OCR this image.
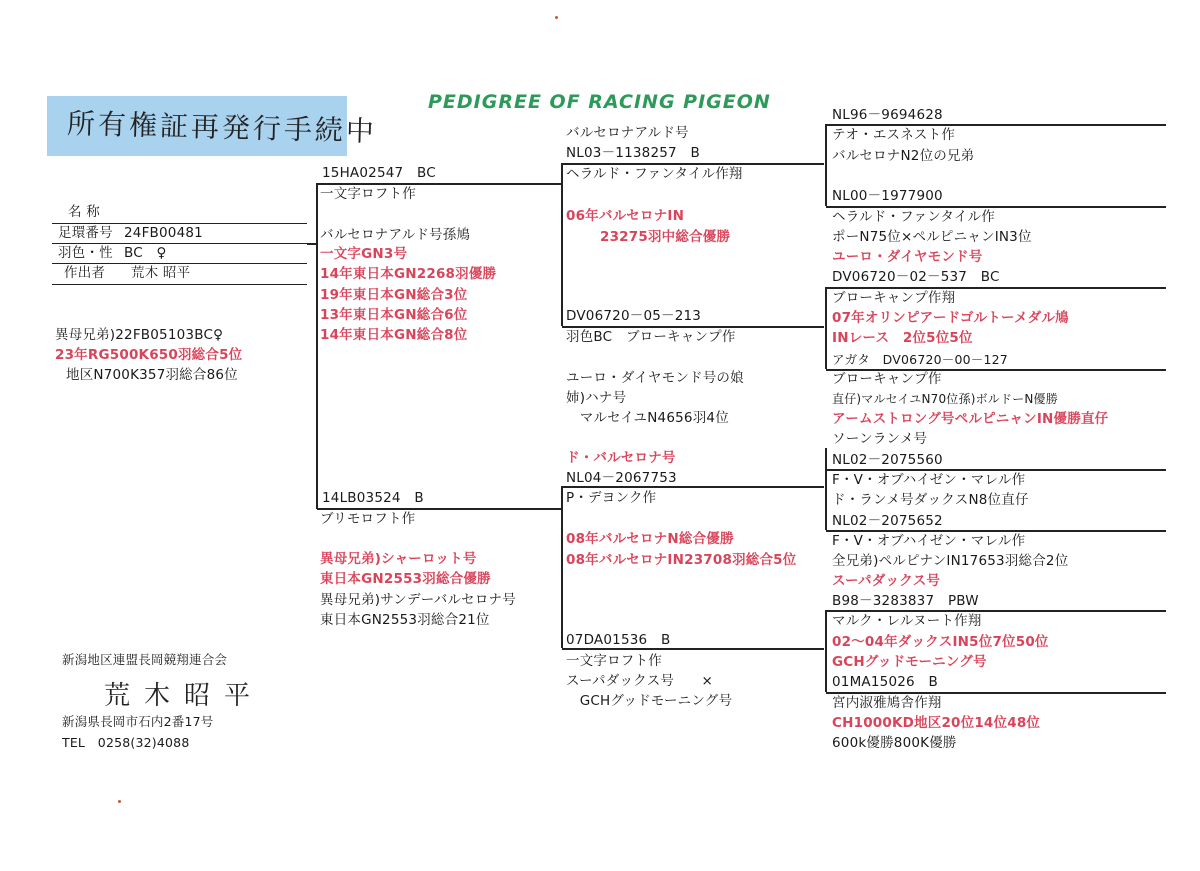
所有権証再発行手続中
PEDIGREE OF RACING PIGEON
名 称
足環番号 24FB00481
羽色・性 BC　♀
作出者 荒木 昭平
異母兄弟)22FB05103BC♀
23年RG500K650羽総合5位
地区N700K357羽総合86位
15HA02547　BC
一文字ロフト作
バルセロナアルド号孫鳩
一文字GN3号
14年東日本GN2268羽優勝
19年東日本GN総合3位
13年東日本GN総合6位
14年東日本GN総合8位
14LB03524　B
ブリモロフト作
異母兄弟)シャーロット号
東日本GN2553羽総合優勝
異母兄弟)サンデーバルセロナ号
東日本GN2553羽総合21位
バルセロナアルド号
NL03－1138257　B
ヘラルド・ファンタイル作翔
06年バルセロナIN
23275羽中総合優勝
DV06720－05－213
羽色BC　ブローキャンプ作
ユーロ・ダイヤモンド号の娘
姉)ハナ号
　マルセイユN4656羽4位
ド・バルセロナ号
NL04－2067753
P・デヨンク作
08年バルセロナN総合優勝
08年バルセロナIN23708羽総合5位
07DA01536　B
一文字ロフト作
スーパダックス号　　×
　GCHグッドモーニング号
NL96－9694628
テオ・エスネスト作
バルセロナN2位の兄弟
NL00－1977900
ヘラルド・ファンタイル作
ポーN75位×ペルピニャンIN3位
ユーロ・ダイヤモンド号
DV06720－02－537　BC
ブローキャンプ作翔
07年オリンピアードゴルトーメダル鳩
INレース　2位5位5位
アガタ　DV06720－00－127
ブローキャンプ作
直仔)マルセイユN70位孫)ボルドーN優勝
アームストロング号ペルピニャンIN優勝直仔
ソーンランメ号
NL02－2075560
F・V・オブハイゼン・マレル作
ド・ランメ号ダックスN8位直仔
NL02－2075652
F・V・オブハイゼン・マレル作
全兄弟)ペルピナンIN17653羽総合2位
スーパダックス号
B98－3283837　PBW
マルク・レルヌート作翔
02～04年ダックスIN5位7位50位
GCHグッドモーニング号
01MA15026　B
宮内淑雅鳩舎作翔
CH1000KD地区20位14位48位
600k優勝800K優勝
新潟地区連盟長岡競翔連合会
荒木昭平
新潟県長岡市石内2番17号
TEL　0258(32)4088
